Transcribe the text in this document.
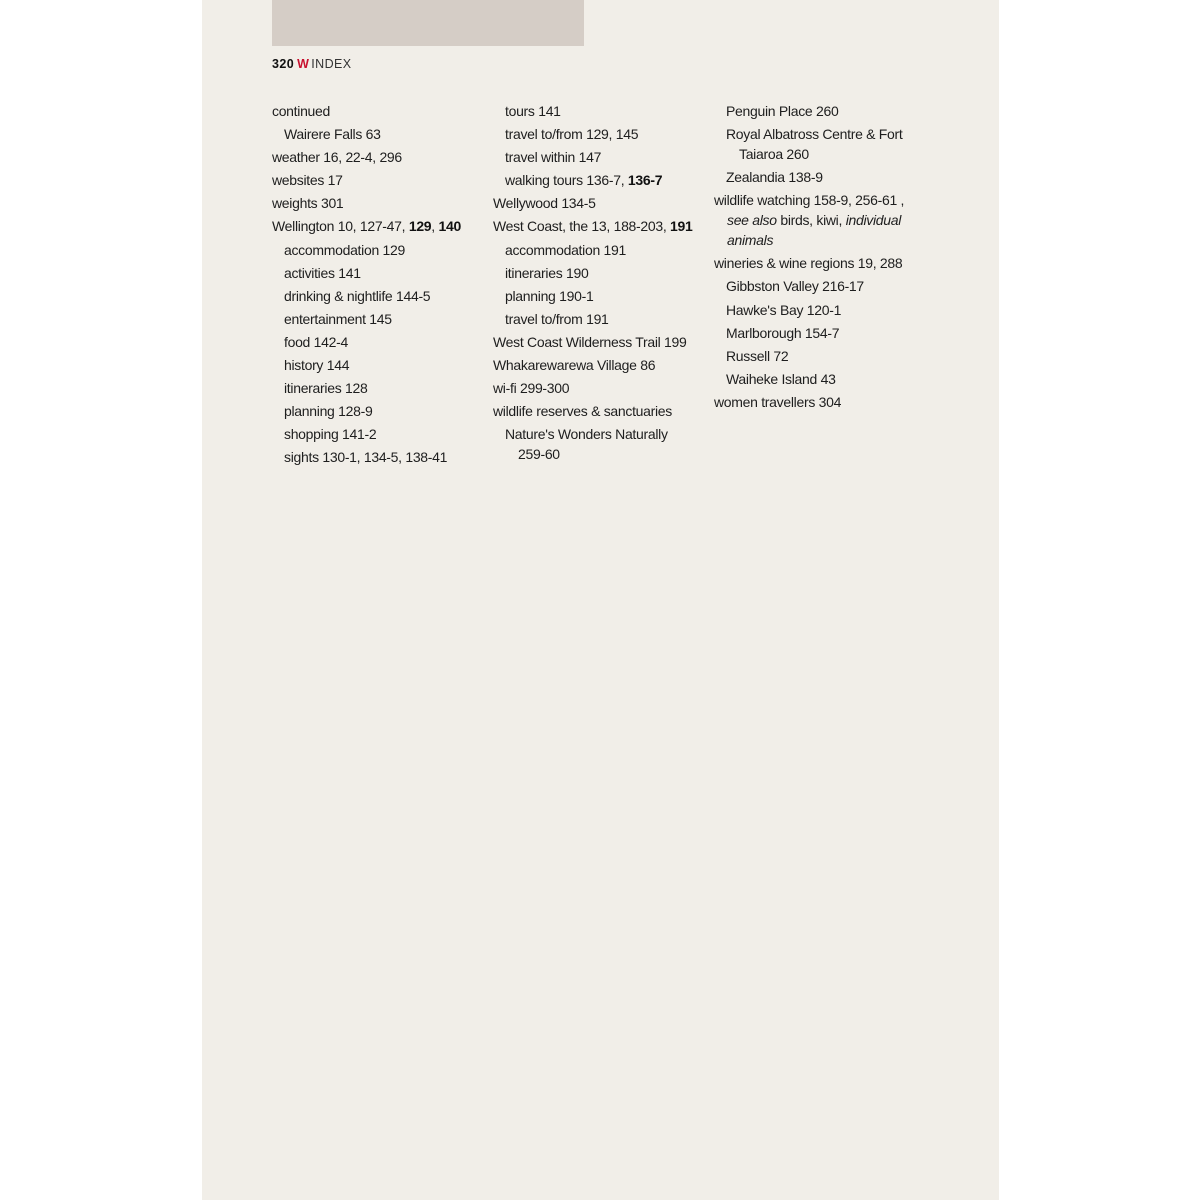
320 W INDEX
continued
Wairere Falls 63
weather 16, 22-4, 296
websites 17
weights 301
Wellington 10, 127-47, 129, 140
accommodation 129
activities 141
drinking & nightlife 144-5
entertainment 145
food 142-4
history 144
itineraries 128
planning 128-9
shopping 141-2
sights 130-1, 134-5, 138-41
tours 141
travel to/from 129, 145
travel within 147
walking tours 136-7, 136-7
Wellywood 134-5
West Coast, the 13, 188-203, 191
accommodation 191
itineraries 190
planning 190-1
travel to/from 191
West Coast Wilderness Trail 199
Whakarewarewa Village 86
wi-fi 299-300
wildlife reserves & sanctuaries
Nature's Wonders Naturally 259-60
Penguin Place 260
Royal Albatross Centre & Fort Taiaroa 260
Zealandia 138-9
wildlife watching 158-9, 256-61 , see also birds, kiwi, individual animals
wineries & wine regions 19, 288
Gibbston Valley 216-17
Hawke's Bay 120-1
Marlborough 154-7
Russell 72
Waiheke Island 43
women travellers 304
